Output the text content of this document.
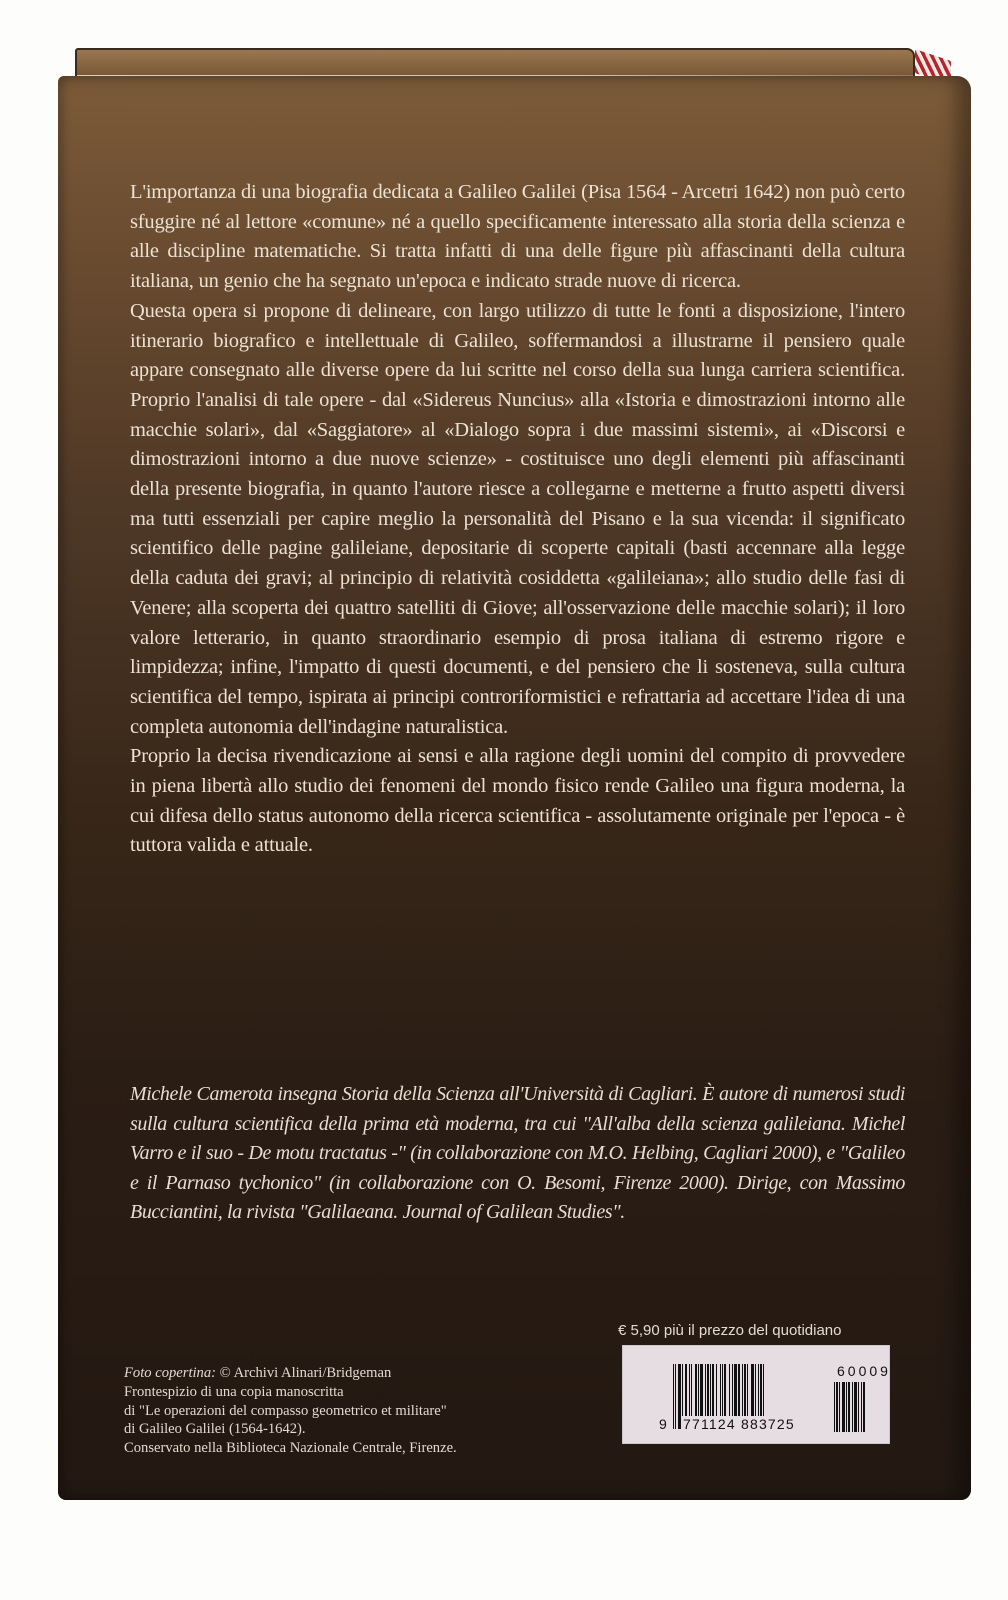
L'importanza di una biografia dedicata a Galileo Galilei (Pisa 1564 - Arcetri 1642) non può certo sfuggire né al lettore «comune» né a quello specificamente interessato alla storia della scienza e alle discipline matematiche. Si tratta infatti di una delle figure più affascinanti della cultura italiana, un genio che ha segnato un'epoca e indicato strade nuove di ricerca.

Questa opera si propone di delineare, con largo utilizzo di tutte le fonti a disposizione, l'intero itinerario biografico e intellettuale di Galileo, soffermandosi a illustrarne il pensiero quale appare consegnato alle diverse opere da lui scritte nel corso della sua lunga carriera scientifica. Proprio l'analisi di tale opere - dal «Sidereus Nuncius» alla «Istoria e dimostrazioni intorno alle macchie solari», dal «Saggiatore» al «Dialogo sopra i due massimi sistemi», ai «Discorsi e dimostrazioni intorno a due nuove scienze» - costituisce uno degli elementi più affascinanti della presente biografia, in quanto l'autore riesce a collegarne e metterne a frutto aspetti diversi ma tutti essenziali per capire meglio la personalità del Pisano e la sua vicenda: il significato scientifico delle pagine galileiane, depositarie di scoperte capitali (basti accennare alla legge della caduta dei gravi; al principio di relatività cosiddetta «galileiana»; allo studio delle fasi di Venere; alla scoperta dei quattro satelliti di Giove; all'osservazione delle macchie solari); il loro valore letterario, in quanto straordinario esempio di prosa italiana di estremo rigore e limpidezza; infine, l'impatto di questi documenti, e del pensiero che li sosteneva, sulla cultura scientifica del tempo, ispirata ai principi controriformistici e refrattaria ad accettare l'idea di una completa autonomia dell'indagine naturalistica.

Proprio la decisa rivendicazione ai sensi e alla ragione degli uomini del compito di provvedere in piena libertà allo studio dei fenomeni del mondo fisico rende Galileo una figura moderna, la cui difesa dello status autonomo della ricerca scientifica - assolutamente originale per l'epoca - è tuttora valida e attuale.

Michele Camerota insegna Storia della Scienza all'Università di Cagliari. È autore di numerosi studi sulla cultura scientifica della prima età moderna, tra cui "All'alba della scienza galileiana. Michel Varro e il suo - De motu tractatus -" (in collaborazione con M.O. Helbing, Cagliari 2000), e "Galileo e il Parnaso tychonico" (in collaborazione con O. Besomi, Firenze 2000). Dirige, con Massimo Bucciantini, la rivista "Galilaeana. Journal of Galilean Studies".

€ 5,90 più il prezzo del quotidiano
9 771124 883725
60009
Foto copertina: © Archivi Alinari/Bridgeman
Frontespizio di una copia manoscritta
di "Le operazioni del compasso geometrico et militare"
di Galileo Galilei (1564-1642).
Conservato nella Biblioteca Nazionale Centrale, Firenze.
